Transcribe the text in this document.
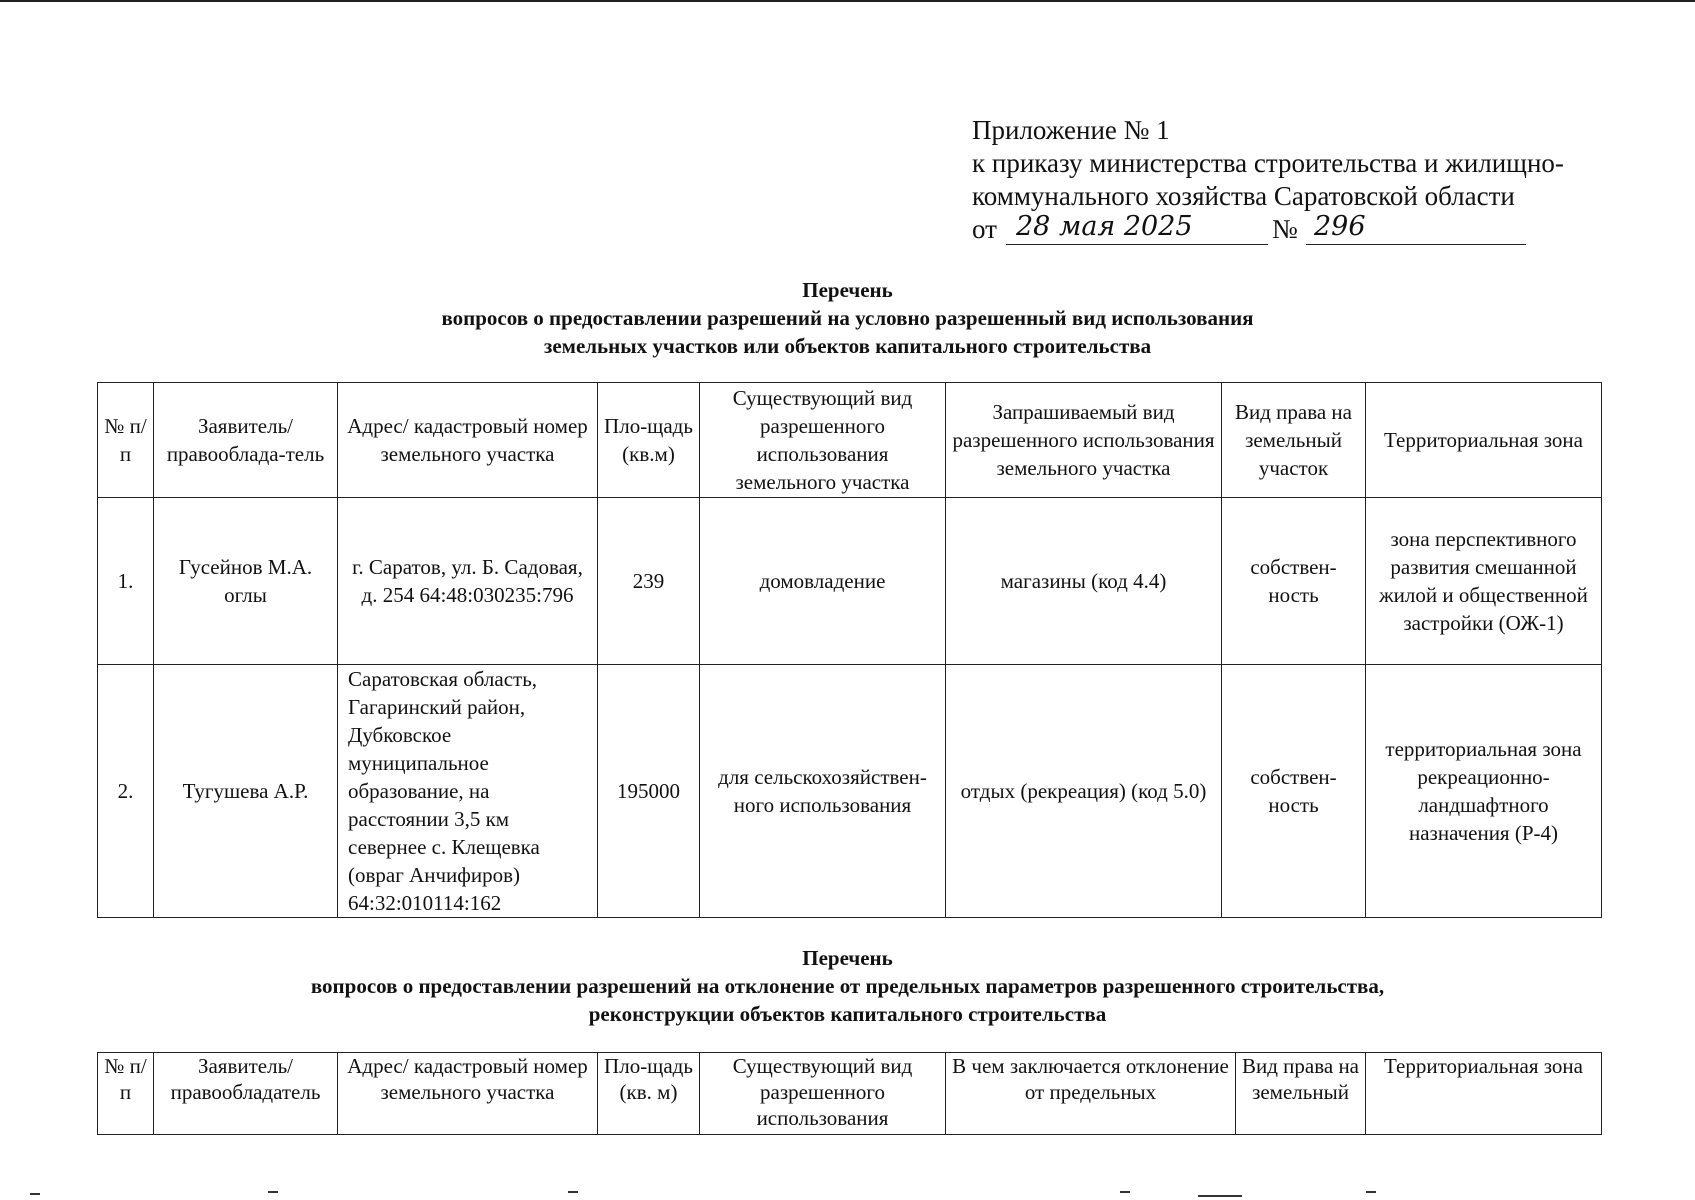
Приложение № 1
к приказу министерства строительства и жилищно-
коммунального хозяйства Саратовской области
от 28 мая 2025	№ 296
Перечень
вопросов о предоставлении разрешений на условно разрешенный вид использования
земельных участков или объектов капитального строительства
№ п/п	Заявитель/ правооблада-тель	Адрес/ кадастровый номер земельного участка	Пло-щадь (кв.м)	Существующий вид разрешенного использования земельного участка	Запрашиваемый вид разрешенного использования земельного участка	Вид права на земельный участок	Территориальная зона
1.	Гусейнов М.А. оглы	г. Саратов, ул. Б. Садовая, д. 254 64:48:030235:796	239	домовладение	магазины (код 4.4)	собствен-ность	зона перспективного развития смешанной жилой и общественной застройки (ОЖ-1)
2.	Тугушева А.Р.	Саратовская область, Гагаринский район, Дубковское муниципальное образование, на расстоянии 3,5 км севернее с. Клещевка (овраг Анчифиров) 64:32:010114:162	195000	для сельскохозяйствен-ного использования	отдых (рекреация) (код 5.0)	собствен-ность	территориальная зона рекреационно-ландшафтного назначения (Р-4)
Перечень
вопросов о предоставлении разрешений на отклонение от предельных параметров разрешенного строительства,
реконструкции объектов капитального строительства
№ п/п	Заявитель/ правообладатель	Адрес/ кадастровый номер земельного участка	Пло-щадь (кв. м)	Существующий вид разрешенного использования	В чем заключается отклонение от предельных	Вид права на земельный	Территориальная зона
